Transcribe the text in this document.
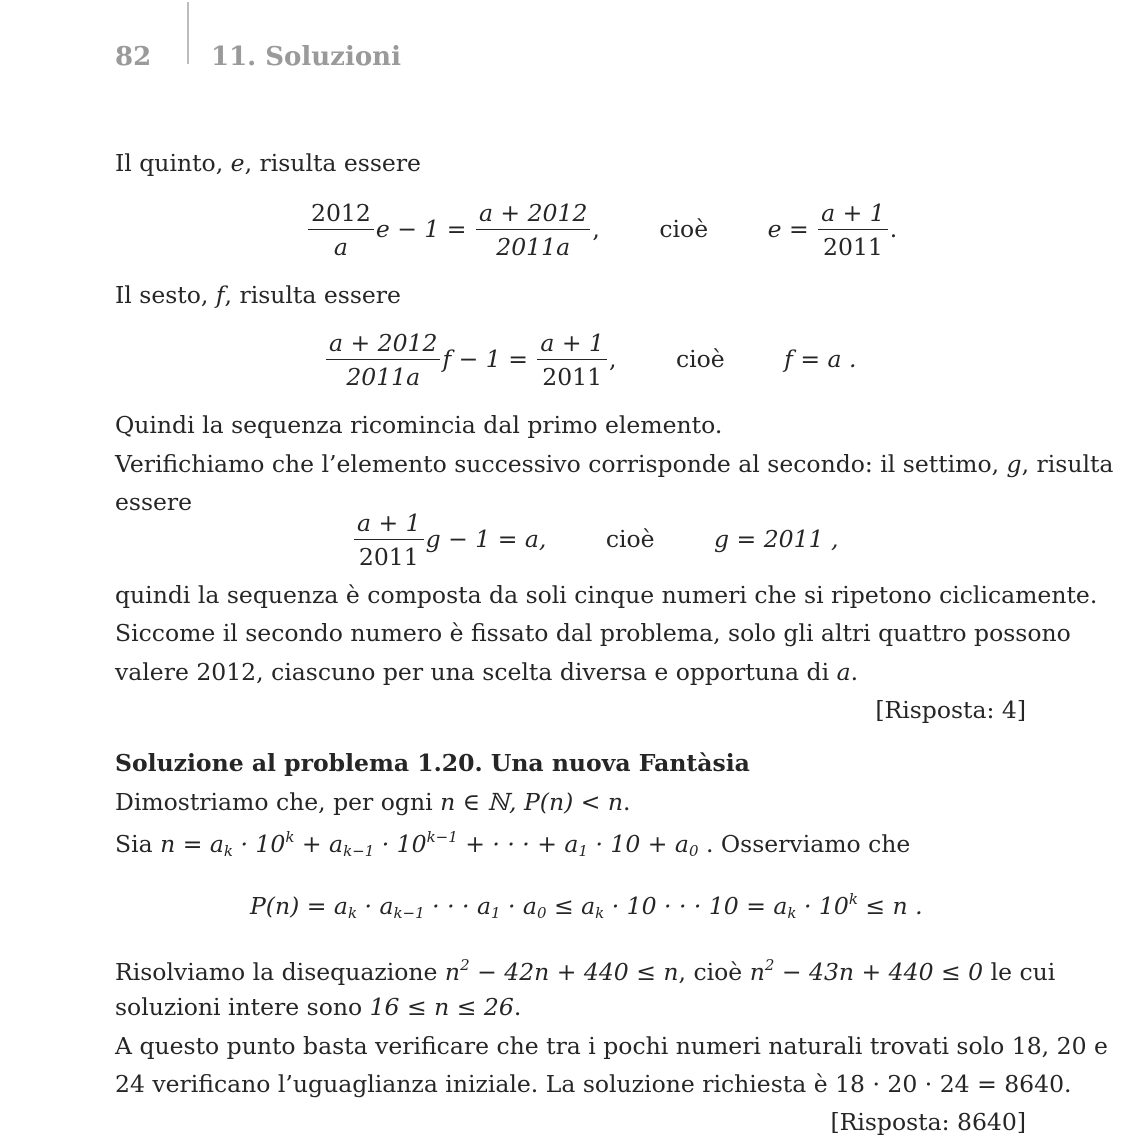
82 11. Soluzioni
Il quinto, e, risulta essere
$\frac{2012}{a}$ $e - 1 = \frac{a + 2012}{2011a}$ ,	cioè	$e = \frac{a + 1}{2011}$ .
Il sesto, f, risulta essere
$\frac{a + 2012}{2011a}$ $f - 1 = \frac{a + 1}{2011}$ ,	cioè	f = a .
Quindi la sequenza ricomincia dal primo elemento.
Verifichiamo che l’elemento successivo corrisponde al secondo: il settimo, g, risulta
essere
$\frac{a + 1}{2011}$ g − 1 = a,	cioè	g = 2011 ,
quindi la sequenza è composta da soli cinque numeri che si ripetono ciclicamente.
Siccome il secondo numero è fissato dal problema, solo gli altri quattro possono
valere 2012, ciascuno per una scelta diversa e opportuna di a.
[Risposta: 4]
Soluzione al problema 1.20. Una nuova Fantàsia
Dimostriamo che, per ogni n ∈ ℕ, P(n) < n.
Sia $n = a_k \cdot 10^k + a_{k-1} \cdot 10^{k-1}$ + · · · + $a_1 \cdot 10 + a_0$ . Osserviamo che
$P(n) = a_k \cdot a_{k-1}$ · · · $a_1 \cdot a_0 \le a_k \cdot 10$ · · · $10 = a_k \cdot 10^k \le n$ .
Risolviamo la disequazione $n^2 - 42n + 440 \le n$, cioè $n^2 - 43n + 440 \le 0$ le cui
soluzioni intere sono 16 ≤ n ≤ 26.
A questo punto basta verificare che tra i pochi numeri naturali trovati solo 18, 20 e
24 verificano l’uguaglianza iniziale. La soluzione richiesta è 18 · 20 · 24 = 8640.
[Risposta: 8640]
